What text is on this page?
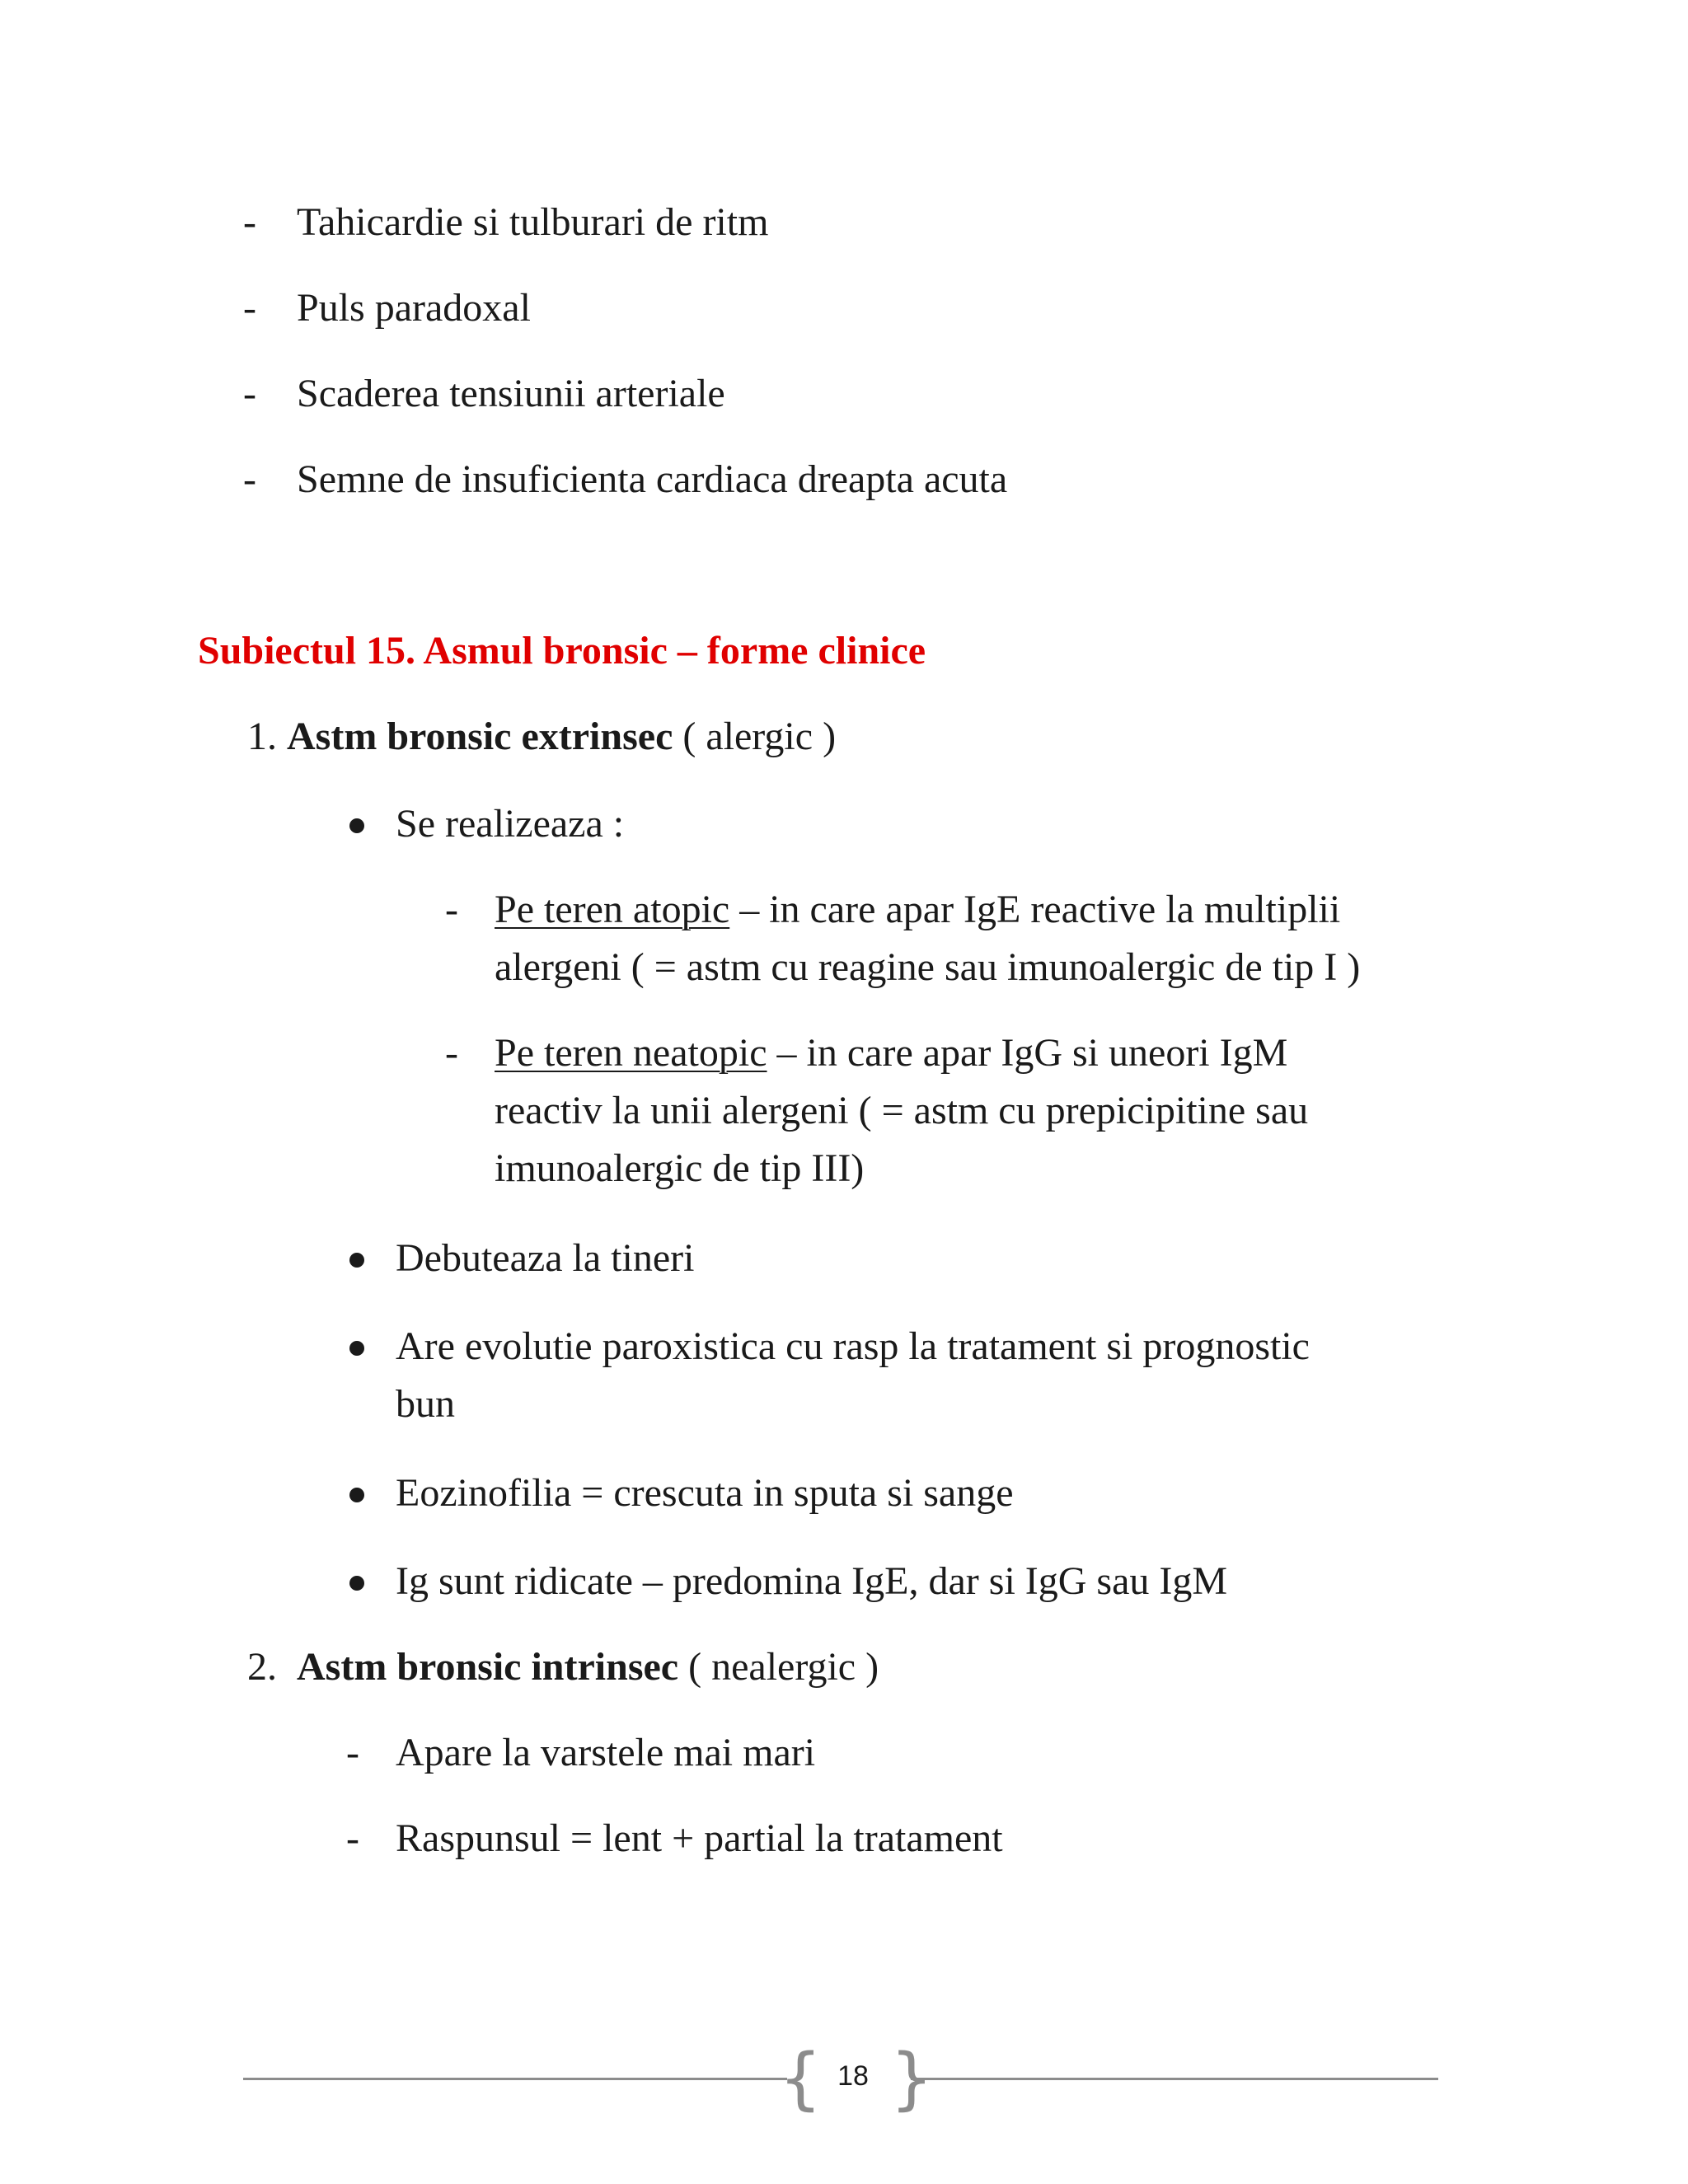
- Tahicardie si tulburari de ritm
- Puls paradoxal
- Scaderea tensiunii arteriale
- Semne de insuficienta cardiaca dreapta acuta
Subiectul 15. Asmul bronsic – forme clinice
1. Astm bronsic extrinsec ( alergic )
Se realizeaza :
- Pe teren atopic – in care apar IgE reactive la multiplii
alergeni ( = astm cu reagine sau imunoalergic de tip I )
- Pe teren neatopic – in care apar IgG si uneori IgM
reactiv la unii alergeni ( = astm cu prepicipitine sau
imunoalergic de tip III)
Debuteaza la tineri
Are evolutie paroxistica cu rasp la tratament si prognostic
bun
Eozinofilia = crescuta in sputa si sange
Ig sunt ridicate – predomina IgE, dar si IgG sau IgM
2. Astm bronsic intrinsec ( nealergic )
- Apare la varstele mai mari
- Raspunsul = lent + partial la tratament
{ }
18
